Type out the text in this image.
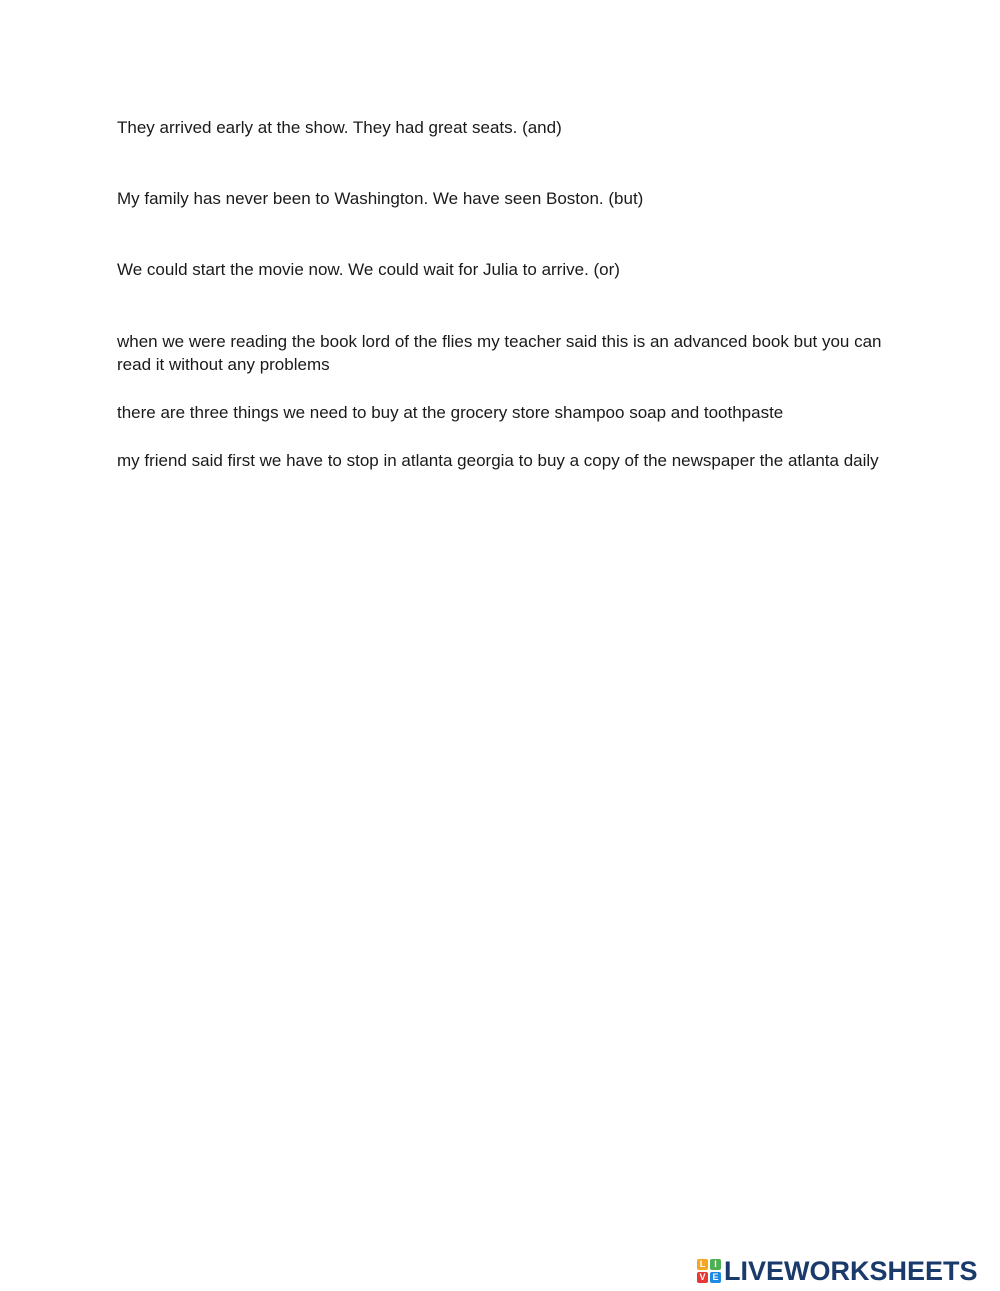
They arrived early at the show. They had great seats. (and)

My family has never been to Washington. We have seen Boston. (but)

We could start the movie now. We could wait for Julia to arrive. (or)

when we were reading the book lord of the flies my teacher said this is an advanced book but you can read it without any problems

there are three things we need to buy at the grocery store shampoo soap and toothpaste

my friend said first we have to stop in atlanta georgia to buy a copy of the newspaper the atlanta daily

L I
V E LIVEWORKSHEETS
